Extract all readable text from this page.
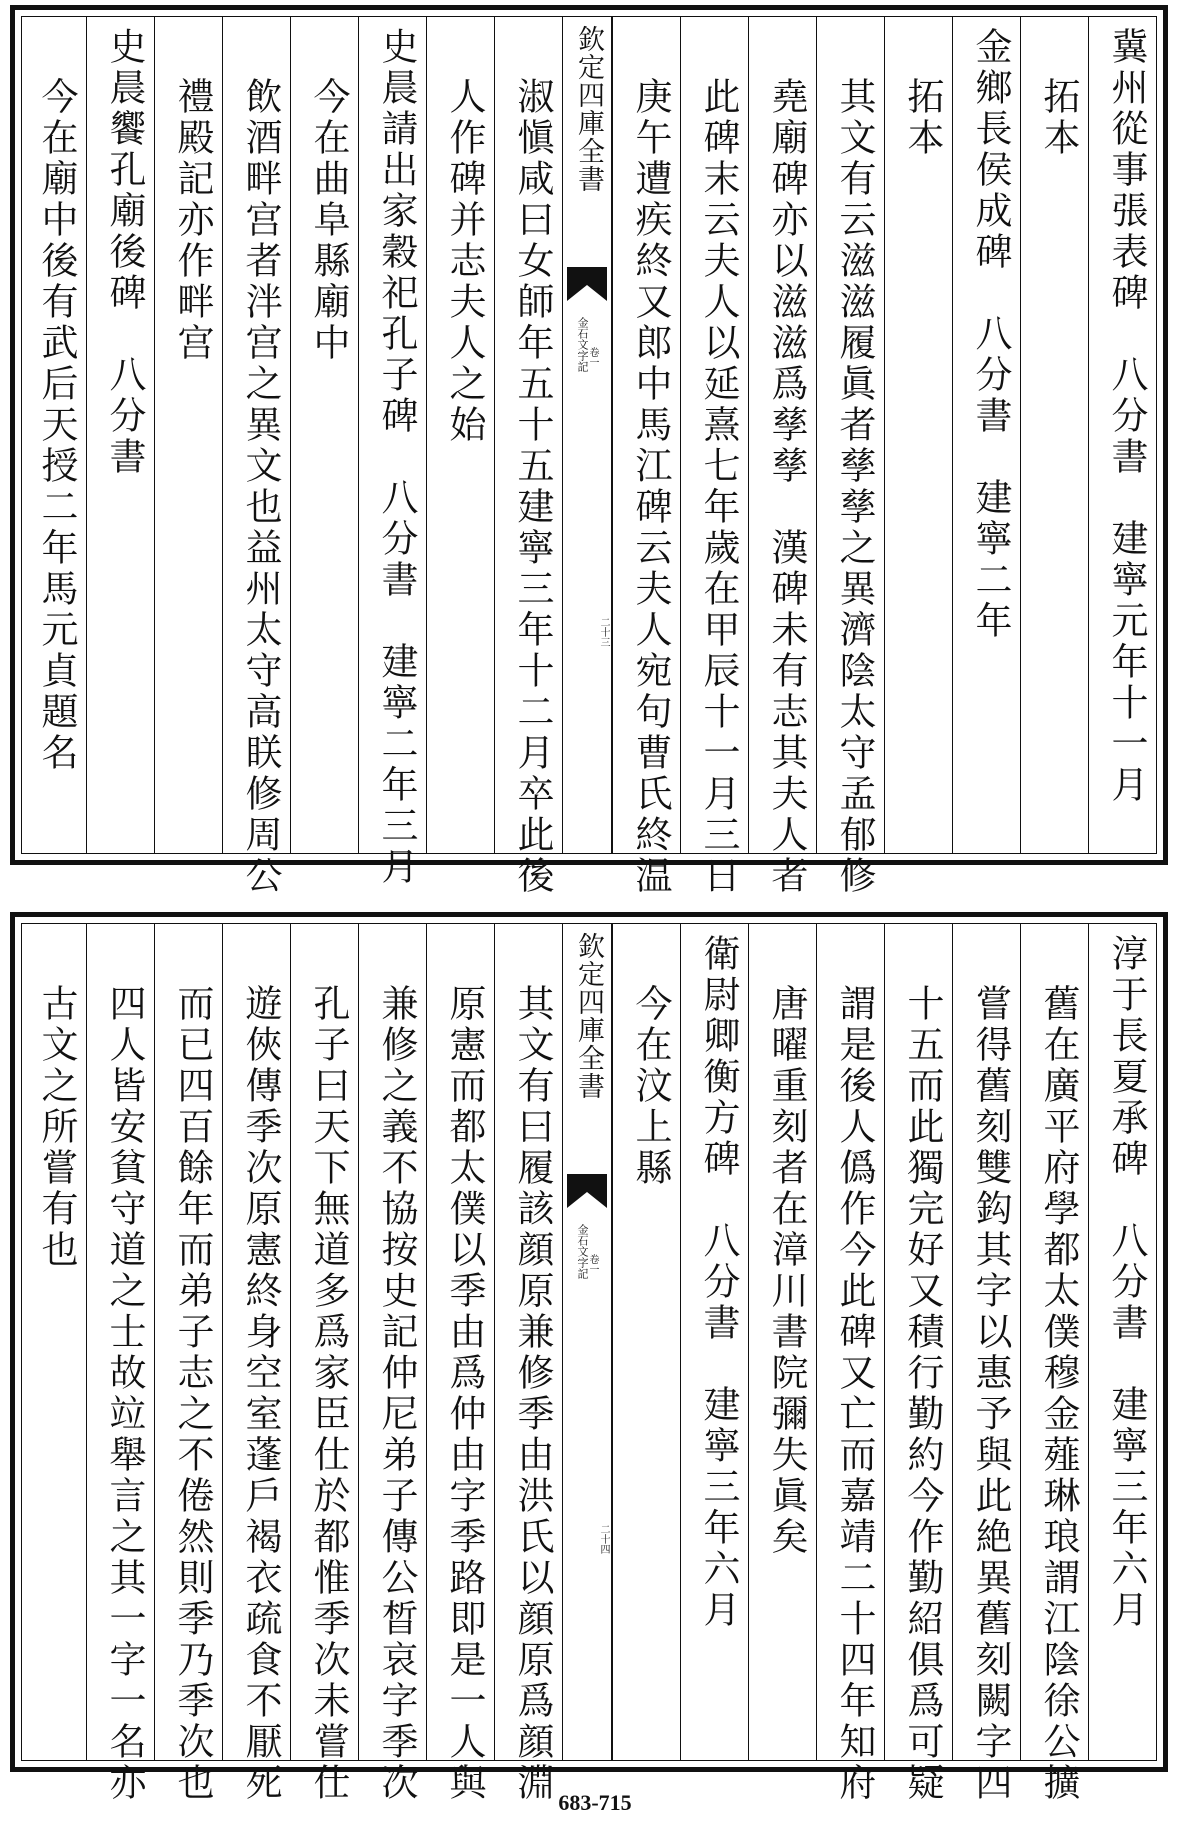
冀州從事張表碑　八分書　建寧元年十一月
拓本
金鄉長侯成碑　八分書　建寧二年
拓本
其文有云滋滋履眞者孳孳之異濟陰太守孟郁修
堯廟碑亦以滋滋爲孳孳　漢碑未有志其夫人者
此碑末云夫人以延熹七年歲在甲辰十一月三日
庚午遭疾終又郎中馬江碑云夫人宛句曹氏終温
欽定四庫全書
金石文字記
卷一
二十三
淑愼咸曰女師年五十五建寧三年十二月卒此後
人作碑并志夫人之始
史晨請出家穀祀孔子碑　八分書　建寧二年三月
今在曲阜縣廟中
飲酒畔宫者泮宫之異文也益州太守高眹修周公
禮殿記亦作畔宫
史晨饗孔廟後碑　八分書
今在廟中後有武后天授二年馬元貞題名
淳于長夏承碑　八分書　建寧三年六月
舊在廣平府學都太僕穆金薤琳琅謂江陰徐公擴
嘗得舊刻雙鈎其字以惠予與此絶異舊刻闕字四
十五而此獨完好又積行勤約今作勤紹俱爲可疑
謂是後人僞作今此碑又亡而嘉靖二十四年知府
唐曜重刻者在漳川書院彌失眞矣
衛尉卿衡方碑　八分書　建寧三年六月
今在汶上縣
欽定四庫全書
金石文字記
卷一
二十四
其文有曰履該顔原兼修季由洪氏以顔原爲顔淵
原憲而都太僕以季由爲仲由字季路即是一人與
兼修之義不協按史記仲尼弟子傳公晳哀字季次
孔子曰天下無道多爲家臣仕於都惟季次未嘗仕
遊俠傳季次原憲終身空室蓬戶褐衣疏食不厭死
而已四百餘年而弟子志之不倦然則季乃季次也
四人皆安貧守道之士故竝舉言之其一字一名亦
古文之所嘗有也
683-715
